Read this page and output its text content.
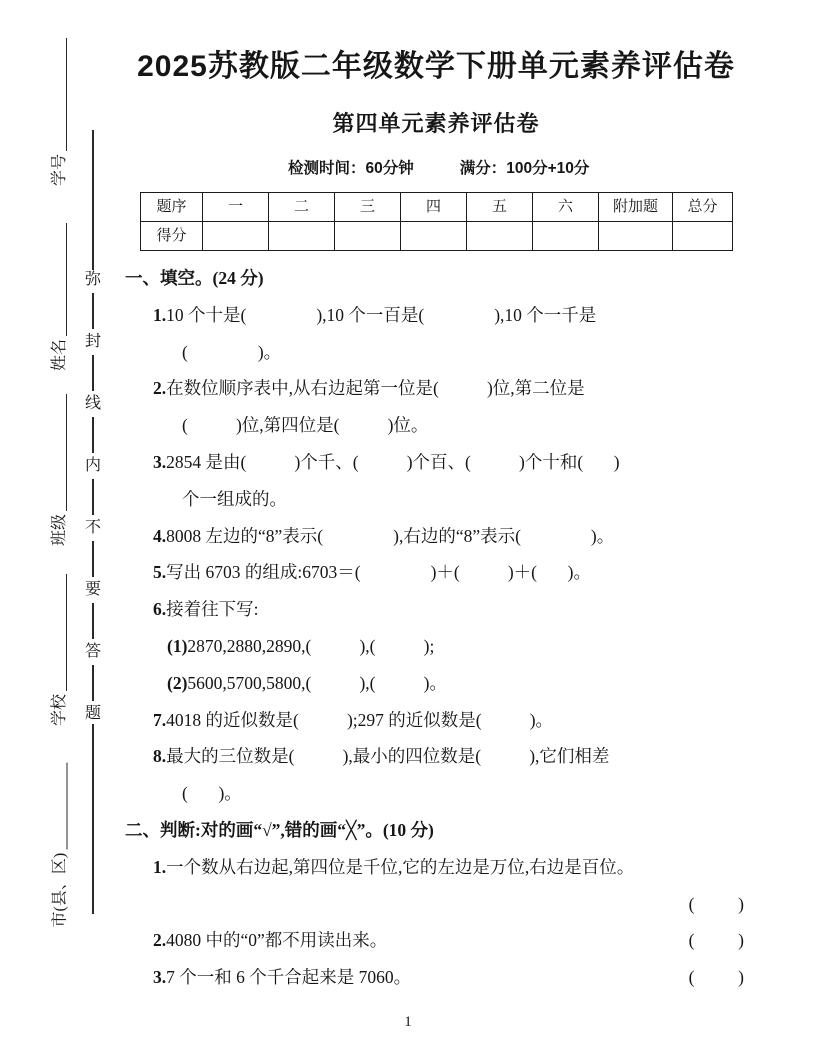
弥
封
线
内
不
要
答
题
学号
姓名
班级
学校
市(县、区)
2025苏教版二年级数学下册单元素养评估卷
第四单元素养评估卷
检测时间：60分钟	满分：100分+10分
题序	一	二	三	四	五	六	附加题	总分
得分								
一、填空。(24 分)
1.10 个十是(                ),10 个一百是(                ),10 个一千是
(                )。
2.在数位顺序表中,从右边起第一位是(           )位,第二位是
(           )位,第四位是(           )位。
3.2854 是由(           )个千、(           )个百、(           )个十和(       )
个一组成的。
4.8008 左边的“8”表示(                ),右边的“8”表示(                )。
5.写出 6703 的组成:6703＝(                )＋(           )＋(       )。
6.接着往下写:
(1)2870,2880,2890,(           ),(           );
(2)5600,5700,5800,(           ),(           )。
7.4018 的近似数是(           );297 的近似数是(           )。
8.最大的三位数是(           ),最小的四位数是(           ),它们相差
(       )。
二、判断:对的画“√”,错的画“╳”。(10 分)
1.一个数从右边起,第四位是千位,它的左边是万位,右边是百位。
(          )
2.4080 中的“0”都不用读出来。	(          )
3.7 个一和 6 个千合起来是 7060。	(          )
1
